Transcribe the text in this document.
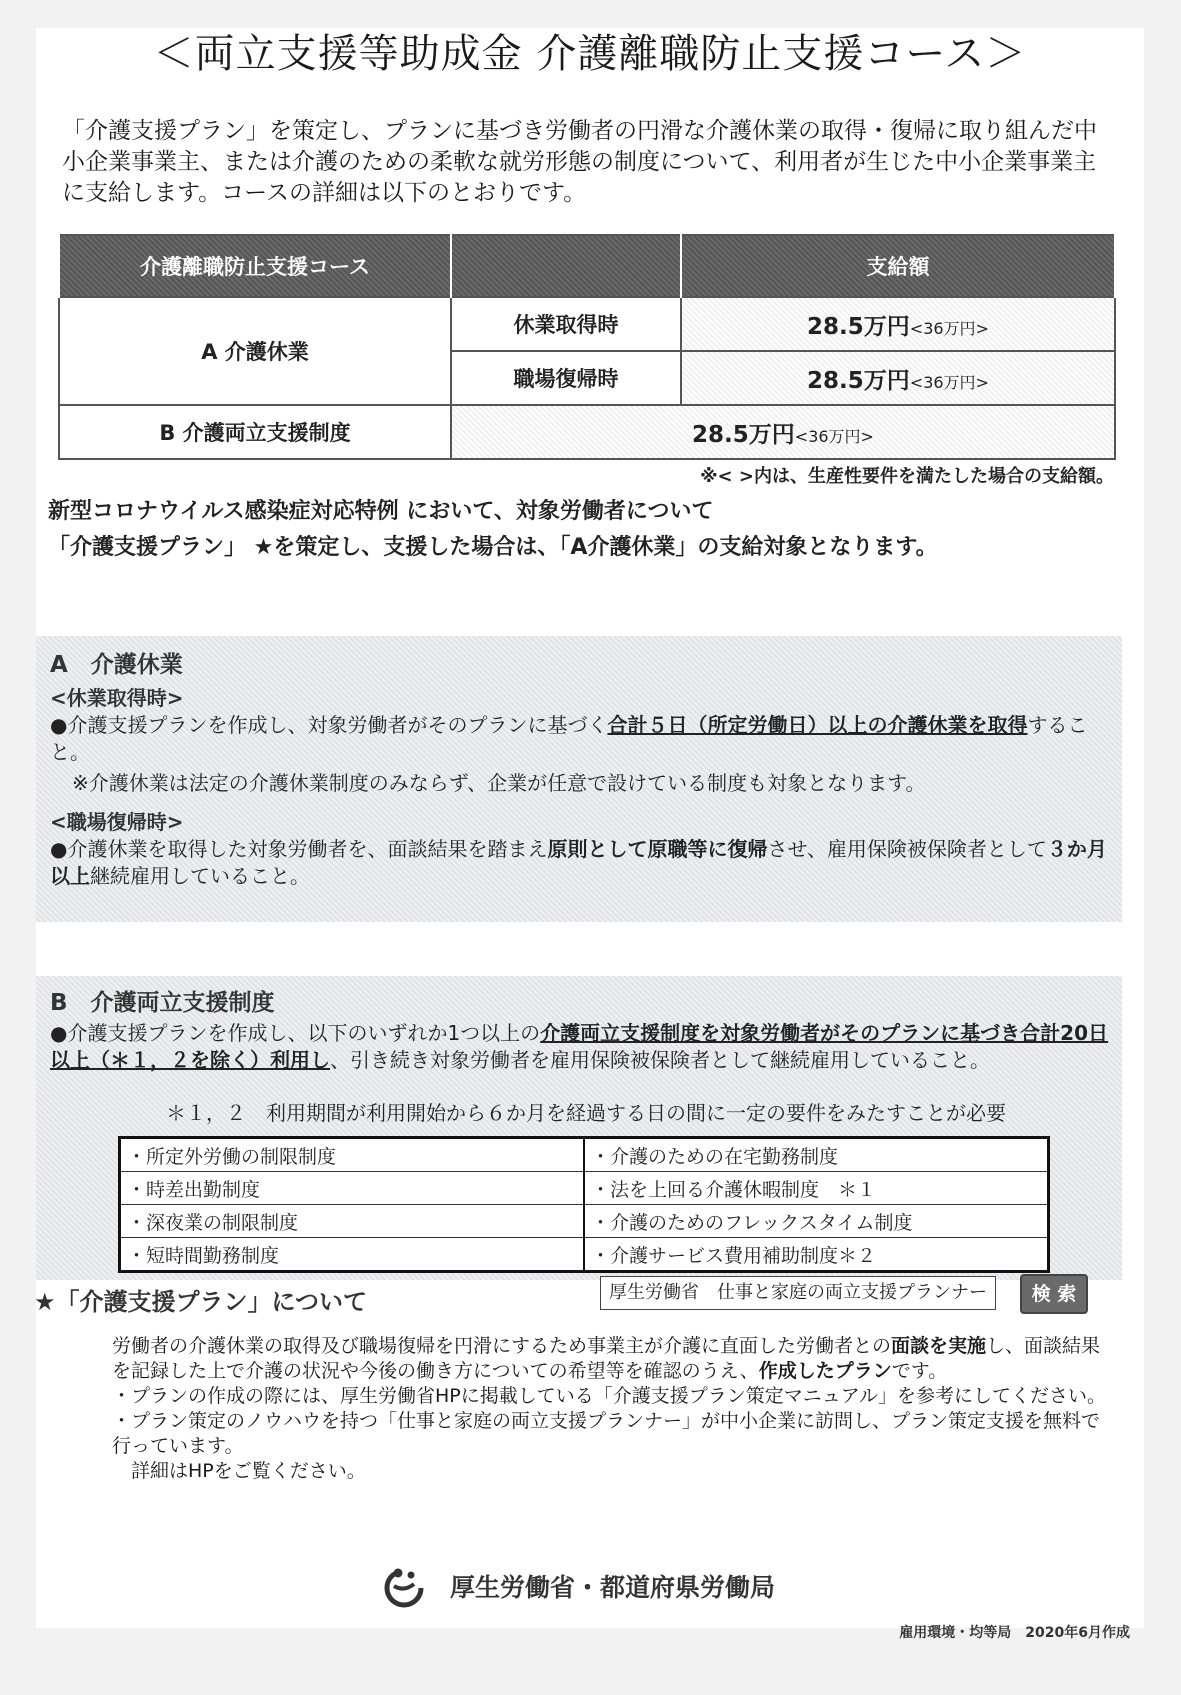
＜両立支援等助成金 介護離職防止支援コース＞
「介護支援プラン」を策定し、プランに基づき労働者の円滑な介護休業の取得・復帰に取り組んだ中小企業事業主、または介護のための柔軟な就労形態の制度について、利用者が生じた中小企業事業主に支給します。コースの詳細は以下のとおりです。
介護離職防止支援コース		支給額
A 介護休業	休業取得時	28.5万円<36万円>
	職場復帰時	28.5万円<36万円>
B 介護両立支援制度	28.5万円<36万円>	
※< >内は、生産性要件を満たした場合の支給額。
新型コロナウイルス感染症対応特例 において、対象労働者について
「介護支援プラン」 ★を策定し、支援した場合は、「A介護休業」の支給対象となります。
A　介護休業
<休業取得時>
●介護支援プランを作成し、対象労働者がそのプランに基づく合計５日（所定労働日）以上の介護休業を取得すること。
※介護休業は法定の介護休業制度のみならず、企業が任意で設けている制度も対象となります。
<職場復帰時>
●介護休業を取得した対象労働者を、面談結果を踏まえ原則として原職等に復帰させ、雇用保険被保険者として３か月以上継続雇用していること。
B　介護両立支援制度
●介護支援プランを作成し、以下のいずれか1つ以上の介護両立支援制度を対象労働者がそのプランに基づき合計20日以上（＊１，２を除く）利用し、引き続き対象労働者を雇用保険被保険者として継続雇用していること。
＊１，２　利用期間が利用開始から６か月を経過する日の間に一定の要件をみたすことが必要
・所定外労働の制限制度	・介護のための在宅勤務制度
・時差出勤制度	・法を上回る介護休暇制度　＊１
・深夜業の制限制度	・介護のためのフレックスタイム制度
・短時間勤務制度	・介護サービス費用補助制度＊２
★「介護支援プラン」について	厚生労働省　仕事と家庭の両立支援プランナー	検 索

労働者の介護休業の取得及び職場復帰を円滑にするため事業主が介護に直面した労働者との面談を実施し、面談結果を記録した上で介護の状況や今後の働き方についての希望等を確認のうえ、作成したプランです。

・プランの作成の際には、厚生労働省HPに掲載している「介護支援プラン策定マニュアル」を参考にしてください。

・プラン策定のノウハウを持つ「仕事と家庭の両立支援プランナー」が中小企業に訪問し、プラン策定支援を無料で行っています。

　詳細はHPをご覧ください。

厚生労働省・都道府県労働局
雇用環境・均等局　2020年6月作成
